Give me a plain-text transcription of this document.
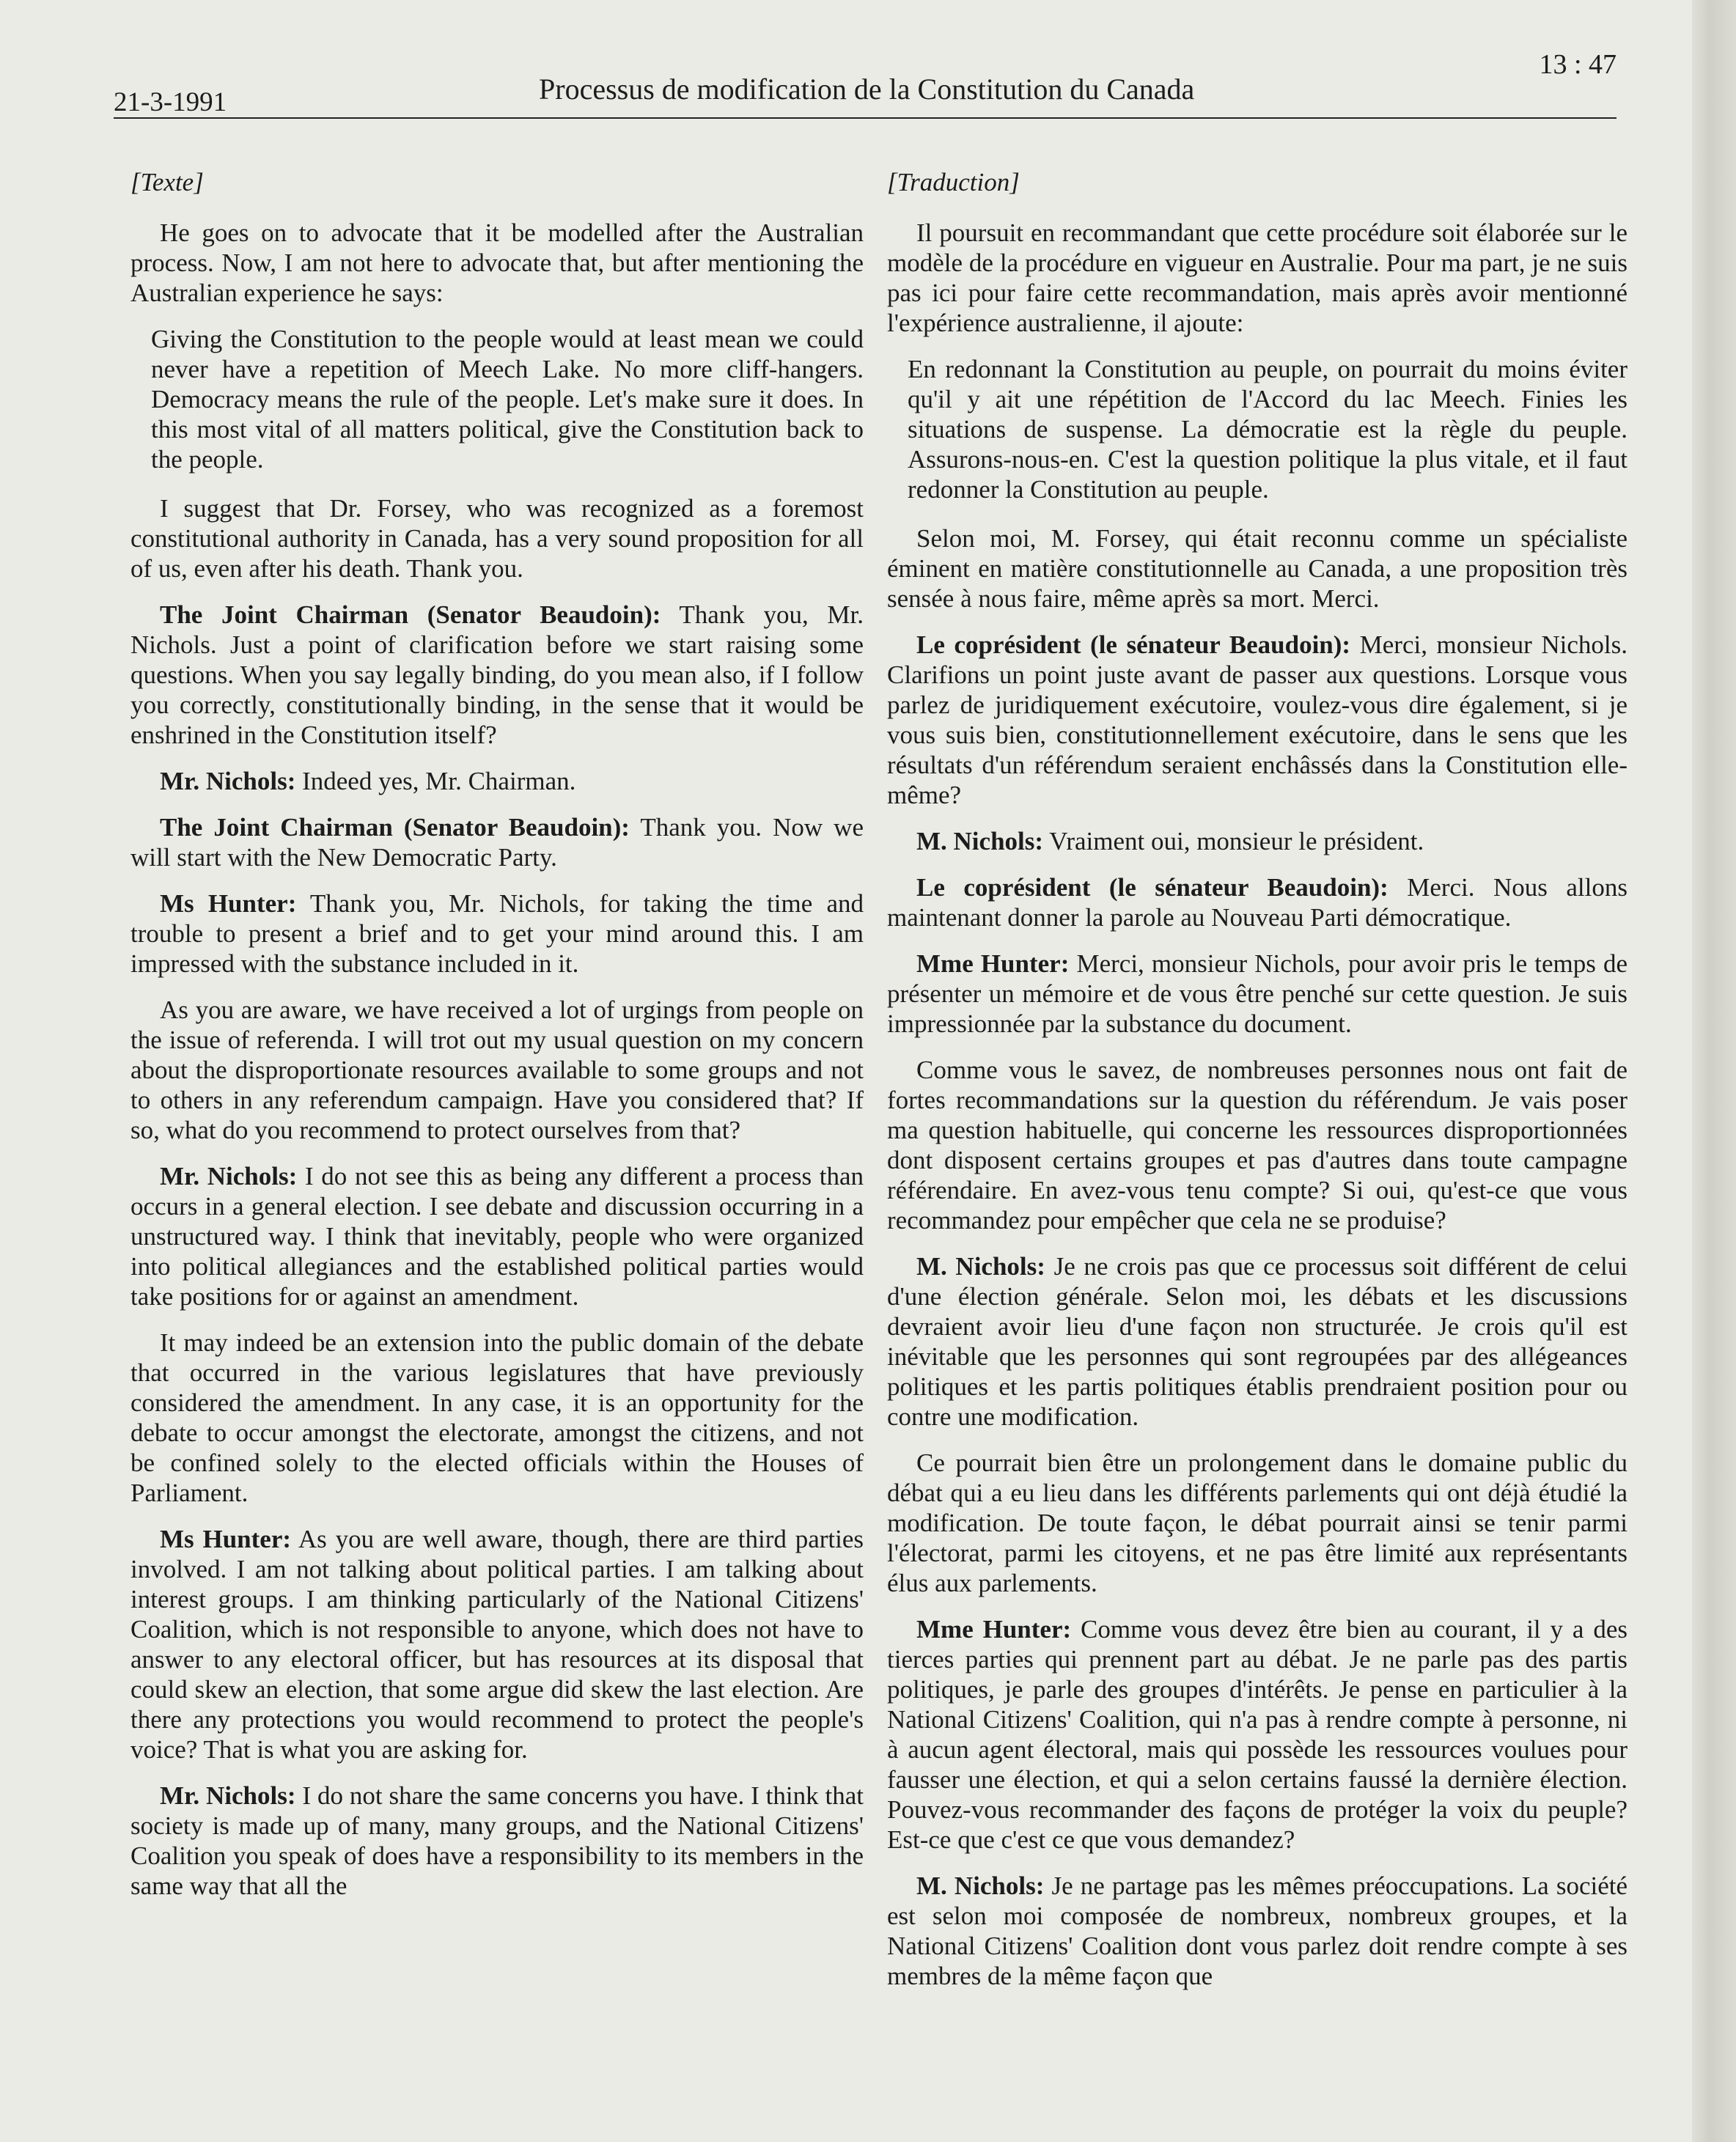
21-3-1991	Processus de modification de la Constitution du Canada
13 : 47
[Texte]

He goes on to advocate that it be modelled after the Australian process. Now, I am not here to advocate that, but after mentioning the Australian experience he says:

Giving the Constitution to the people would at least mean we could never have a repetition of Meech Lake. No more cliff-hangers. Democracy means the rule of the people. Let's make sure it does. In this most vital of all matters political, give the Constitution back to the people.

I suggest that Dr. Forsey, who was recognized as a foremost constitutional authority in Canada, has a very sound proposition for all of us, even after his death. Thank you.

The Joint Chairman (Senator Beaudoin): Thank you, Mr. Nichols. Just a point of clarification before we start raising some questions. When you say legally binding, do you mean also, if I follow you correctly, constitutionally binding, in the sense that it would be enshrined in the Constitution itself?

Mr. Nichols: Indeed yes, Mr. Chairman.

The Joint Chairman (Senator Beaudoin): Thank you. Now we will start with the New Democratic Party.

Ms Hunter: Thank you, Mr. Nichols, for taking the time and trouble to present a brief and to get your mind around this. I am impressed with the substance included in it.

As you are aware, we have received a lot of urgings from people on the issue of referenda. I will trot out my usual question on my concern about the disproportionate resources available to some groups and not to others in any referendum campaign. Have you considered that? If so, what do you recommend to protect ourselves from that?

Mr. Nichols: I do not see this as being any different a process than occurs in a general election. I see debate and discussion occurring in a unstructured way. I think that inevitably, people who were organized into political allegiances and the established political parties would take positions for or against an amendment.

It may indeed be an extension into the public domain of the debate that occurred in the various legislatures that have previously considered the amendment. In any case, it is an opportunity for the debate to occur amongst the electorate, amongst the citizens, and not be confined solely to the elected officials within the Houses of Parliament.

Ms Hunter: As you are well aware, though, there are third parties involved. I am not talking about political parties. I am talking about interest groups. I am thinking particularly of the National Citizens' Coalition, which is not responsible to anyone, which does not have to answer to any electoral officer, but has resources at its disposal that could skew an election, that some argue did skew the last election. Are there any protections you would recommend to protect the people's voice? That is what you are asking for.

Mr. Nichols: I do not share the same concerns you have. I think that society is made up of many, many groups, and the National Citizens' Coalition you speak of does have a responsibility to its members in the same way that all the

[Traduction]

Il poursuit en recommandant que cette procédure soit élaborée sur le modèle de la procédure en vigueur en Australie. Pour ma part, je ne suis pas ici pour faire cette recommandation, mais après avoir mentionné l'expérience australienne, il ajoute:

En redonnant la Constitution au peuple, on pourrait du moins éviter qu'il y ait une répétition de l'Accord du lac Meech. Finies les situations de suspense. La démocratie est la règle du peuple. Assurons-nous-en. C'est la question politique la plus vitale, et il faut redonner la Constitution au peuple.

Selon moi, M. Forsey, qui était reconnu comme un spécialiste éminent en matière constitutionnelle au Canada, a une proposition très sensée à nous faire, même après sa mort. Merci.

Le coprésident (le sénateur Beaudoin): Merci, monsieur Nichols. Clarifions un point juste avant de passer aux questions. Lorsque vous parlez de juridiquement exécutoire, voulez-vous dire également, si je vous suis bien, constitutionnellement exécutoire, dans le sens que les résultats d'un référendum seraient enchâssés dans la Constitution elle-même?

M. Nichols: Vraiment oui, monsieur le président.

Le coprésident (le sénateur Beaudoin): Merci. Nous allons maintenant donner la parole au Nouveau Parti démocratique.

Mme Hunter: Merci, monsieur Nichols, pour avoir pris le temps de présenter un mémoire et de vous être penché sur cette question. Je suis impressionnée par la substance du document.

Comme vous le savez, de nombreuses personnes nous ont fait de fortes recommandations sur la question du référendum. Je vais poser ma question habituelle, qui concerne les ressources disproportionnées dont disposent certains groupes et pas d'autres dans toute campagne référendaire. En avez-vous tenu compte? Si oui, qu'est-ce que vous recommandez pour empêcher que cela ne se produise?

M. Nichols: Je ne crois pas que ce processus soit différent de celui d'une élection générale. Selon moi, les débats et les discussions devraient avoir lieu d'une façon non structurée. Je crois qu'il est inévitable que les personnes qui sont regroupées par des allégeances politiques et les partis politiques établis prendraient position pour ou contre une modification.

Ce pourrait bien être un prolongement dans le domaine public du débat qui a eu lieu dans les différents parlements qui ont déjà étudié la modification. De toute façon, le débat pourrait ainsi se tenir parmi l'électorat, parmi les citoyens, et ne pas être limité aux représentants élus aux parlements.

Mme Hunter: Comme vous devez être bien au courant, il y a des tierces parties qui prennent part au débat. Je ne parle pas des partis politiques, je parle des groupes d'intérêts. Je pense en particulier à la National Citizens' Coalition, qui n'a pas à rendre compte à personne, ni à aucun agent électoral, mais qui possède les ressources voulues pour fausser une élection, et qui a selon certains faussé la dernière élection. Pouvez-vous recommander des façons de protéger la voix du peuple? Est-ce que c'est ce que vous demandez?

M. Nichols: Je ne partage pas les mêmes préoccupations. La société est selon moi composée de nombreux, nombreux groupes, et la National Citizens' Coalition dont vous parlez doit rendre compte à ses membres de la même façon que
